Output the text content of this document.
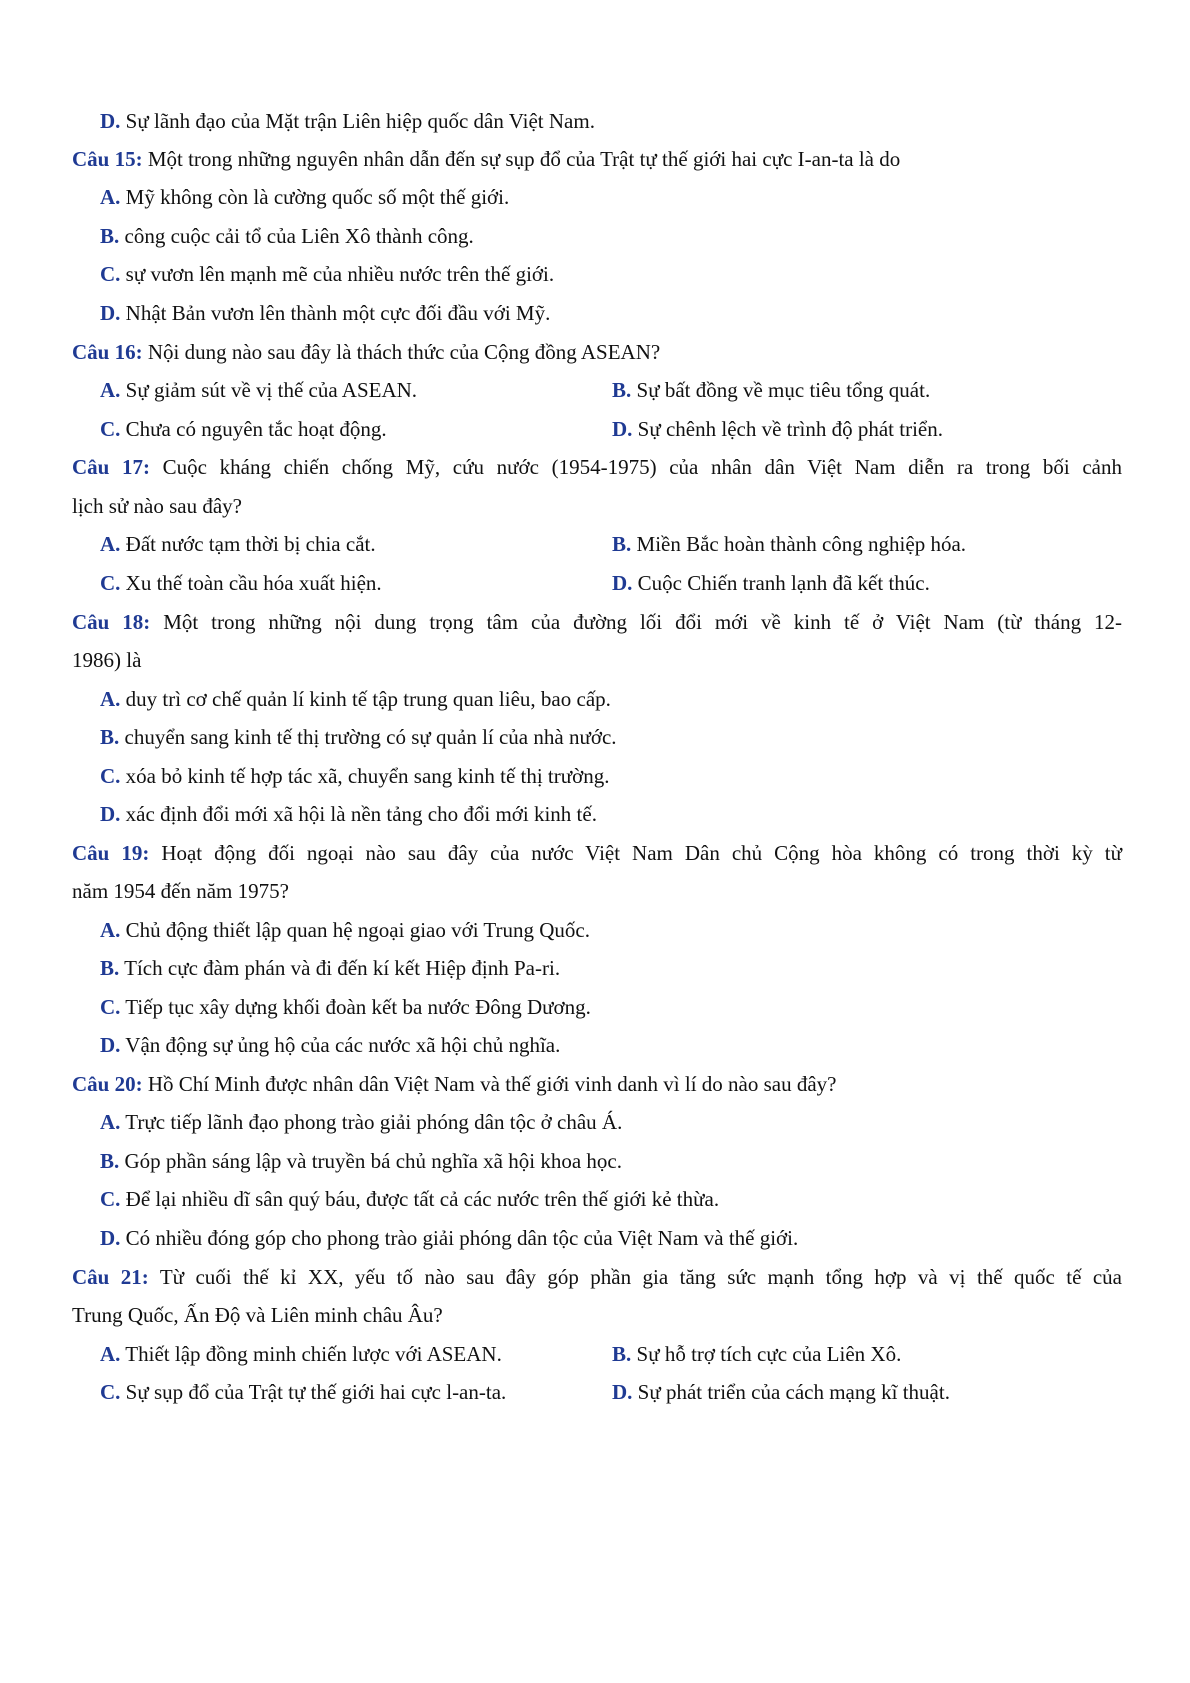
D. Sự lãnh đạo của Mặt trận Liên hiệp quốc dân Việt Nam.
Câu 15: Một trong những nguyên nhân dẫn đến sự sụp đổ của Trật tự thế giới hai cực I-an-ta là do
A. Mỹ không còn là cường quốc số một thế giới.
B. công cuộc cải tổ của Liên Xô thành công.
C. sự vươn lên mạnh mẽ của nhiều nước trên thế giới.
D. Nhật Bản vươn lên thành một cực đối đầu với Mỹ.
Câu 16: Nội dung nào sau đây là thách thức của Cộng đồng ASEAN?
A. Sự giảm sút về vị thế của ASEAN.	B. Sự bất đồng về mục tiêu tổng quát.
C. Chưa có nguyên tắc hoạt động.	D. Sự chênh lệch về trình độ phát triển.
Câu 17: Cuộc kháng chiến chống Mỹ, cứu nước (1954-1975) của nhân dân Việt Nam diễn ra trong bối cảnh
lịch sử nào sau đây?
A. Đất nước tạm thời bị chia cắt.	B. Miền Bắc hoàn thành công nghiệp hóa.
C. Xu thế toàn cầu hóa xuất hiện.	D. Cuộc Chiến tranh lạnh đã kết thúc.
Câu 18: Một trong những nội dung trọng tâm của đường lối đổi mới về kinh tế ở Việt Nam (từ tháng 12-
1986) là
A. duy trì cơ chế quản lí kinh tế tập trung quan liêu, bao cấp.
B. chuyển sang kinh tế thị trường có sự quản lí của nhà nước.
C. xóa bỏ kinh tế hợp tác xã, chuyển sang kinh tế thị trường.
D. xác định đổi mới xã hội là nền tảng cho đổi mới kinh tế.
Câu 19: Hoạt động đối ngoại nào sau đây của nước Việt Nam Dân chủ Cộng hòa không có trong thời kỳ từ
năm 1954 đến năm 1975?
A. Chủ động thiết lập quan hệ ngoại giao với Trung Quốc.
B. Tích cực đàm phán và đi đến kí kết Hiệp định Pa-ri.
C. Tiếp tục xây dựng khối đoàn kết ba nước Đông Dương.
D. Vận động sự ủng hộ của các nước xã hội chủ nghĩa.
Câu 20: Hồ Chí Minh được nhân dân Việt Nam và thế giới vinh danh vì lí do nào sau đây?
A. Trực tiếp lãnh đạo phong trào giải phóng dân tộc ở châu Á.
B. Góp phần sáng lập và truyền bá chủ nghĩa xã hội khoa học.
C. Để lại nhiều dĩ sân quý báu, được tất cả các nước trên thế giới kẻ thừa.
D. Có nhiều đóng góp cho phong trào giải phóng dân tộc của Việt Nam và thế giới.
Câu 21: Từ cuối thế kỉ XX, yếu tố nào sau đây góp phần gia tăng sức mạnh tổng hợp và vị thế quốc tế của
Trung Quốc, Ấn Độ và Liên minh châu Âu?
A. Thiết lập đồng minh chiến lược với ASEAN.	B. Sự hỗ trợ tích cực của Liên Xô.
C. Sự sụp đổ của Trật tự thế giới hai cực l-an-ta.	D. Sự phát triển của cách mạng kĩ thuật.
